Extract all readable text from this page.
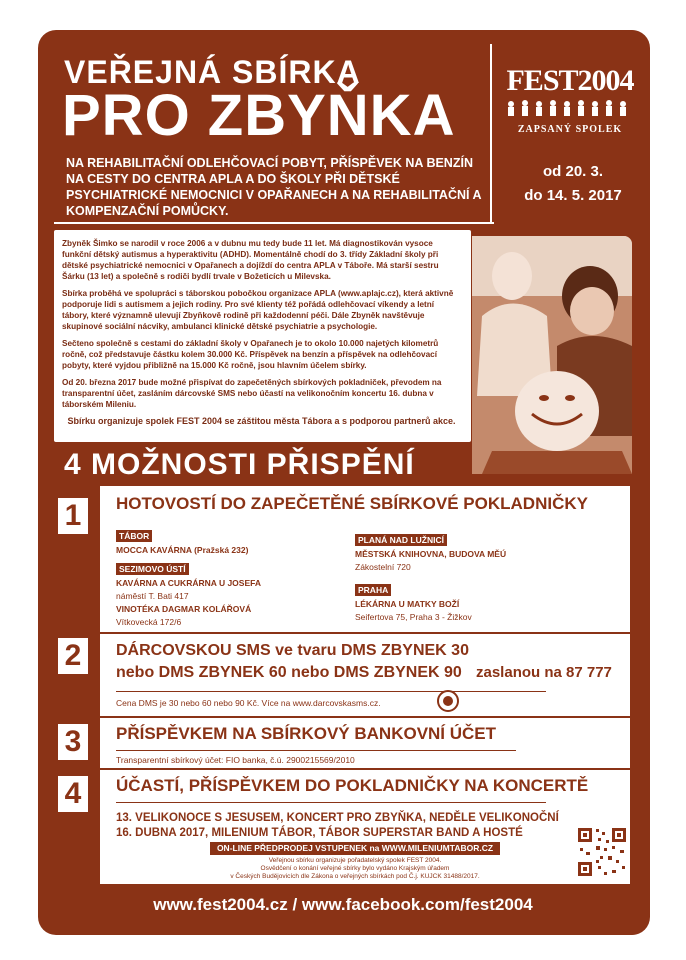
VEŘEJNÁ SBÍRKA
PRO ZBYŇKA
NA REHABILITAČNÍ ODLEHČOVACÍ POBYT, PŘÍSPĚVEK NA BENZÍN NA CESTY DO CENTRA APLA A DO ŠKOLY PŘI DĚTSKÉ PSYCHIATRICKÉ NEMOCNICI V OPAŘANECH A NA REHABILITAČNÍ A KOMPENZAČNÍ POMŮCKY.
FEST2004
ZAPSANÝ SPOLEK
od 20. 3.
do 14. 5. 2017

Zbyněk Šimko se narodil v roce 2006 a v dubnu mu tedy bude 11 let. Má diagnostikován vysoce funkční dětský autismus a hyperaktivitu (ADHD). Momentálně chodí do 3. třídy Základní školy při dětské psychiatrické nemocnici v Opařanech a dojíždí do centra APLA v Táboře. Má starší sestru Šárku (13 let) a společně s rodiči bydlí trvale v Božeticích u Milevska.

Sbírka proběhá ve spolupráci s táborskou pobočkou organizace APLA (www.aplajc.cz), která aktivně podporuje lidi s autismem a jejich rodiny. Pro své klienty též pořádá odlehčovací víkendy a letní tábory, které významně ulevují Zbyňkově rodině při každodenní péči. Dále Zbyněk navštěvuje skupinové sociální nácviky, ambulanci klinické dětské psychiatrie a psychologie.

Sečteno společně s cestami do základní školy v Opařanech je to okolo 10.000 najetých kilometrů ročně, což představuje částku kolem 30.000 Kč. Příspěvek na benzín a příspěvek na odlehčovací pobyty, které vyjdou přibližně na 15.000 Kč ročně, jsou hlavním účelem sbírky.

Od 20. března 2017 bude možné přispívat do zapečetěných sbírkových pokladniček, převodem na transparentní účet, zasláním dárcovské SMS nebo účastí na velikonočním koncertu 16. dubna v táborském Mileniu.

Sbírku organizuje spolek FEST 2004 se záštitou města Tábora a s podporou partnerů akce.
4 MOŽNOSTI PŘISPĚNÍ
1	HOTOVOSTÍ DO ZAPEČETĚNÉ SBÍRKOVÉ POKLADNIČKY
TÁBOR
MOCCA KAVÁRNA (Pražská 232)
SEZIMOVO ÚSTÍ
KAVÁRNA A CUKRÁRNA U JOSEFA
náměstí T. Bati 417
VINOTÉKA DAGMAR KOLÁŘOVÁ
Vítkovecká 172/6
PLANÁ NAD LUŽNICÍ
MĚSTSKÁ KNIHOVNA, BUDOVA MĚÚ
Zákostelní 720
PRAHA
LÉKÁRNA U MATKY BOŽÍ
Seifertova 75, Praha 3 - Žižkov
2	DÁRCOVSKOU SMS ve tvaru DMS ZBYNEK 30
nebo DMS ZBYNEK 60 nebo DMS ZBYNEK 90 zaslanou na 87 777
Cena DMS je 30 nebo 60 nebo 90 Kč. Více na www.darcovskasms.cz.
3	PŘÍSPĚVKEM NA SBÍRKOVÝ BANKOVNÍ ÚČET
Transparentní sbírkový účet: FIO banka, č.ú. 2900215569/2010
4	ÚČASTÍ, PŘÍSPĚVKEM DO POKLADNIČKY NA KONCERTĚ
13. VELIKONOCE S JESUSEM, KONCERT PRO ZBYŇKA, NEDĚLE VELIKONOČNÍ
16. DUBNA 2017, MILENIUM TÁBOR, TÁBOR SUPERSTAR BAND A HOSTÉ
ON-LINE PŘEDPRODEJ VSTUPENEK na WWW.MILENIUMTABOR.CZ
Veřejnou sbírku organizuje pořadatelský spolek FEST 2004.
Osvědčení o konání veřejné sbírky bylo vydáno Krajským úřadem
v Českých Budějovicích dle Zákona o veřejných sbírkách pod Č.j. KUJCK 31488/2017.
www.fest2004.cz / www.facebook.com/fest2004
